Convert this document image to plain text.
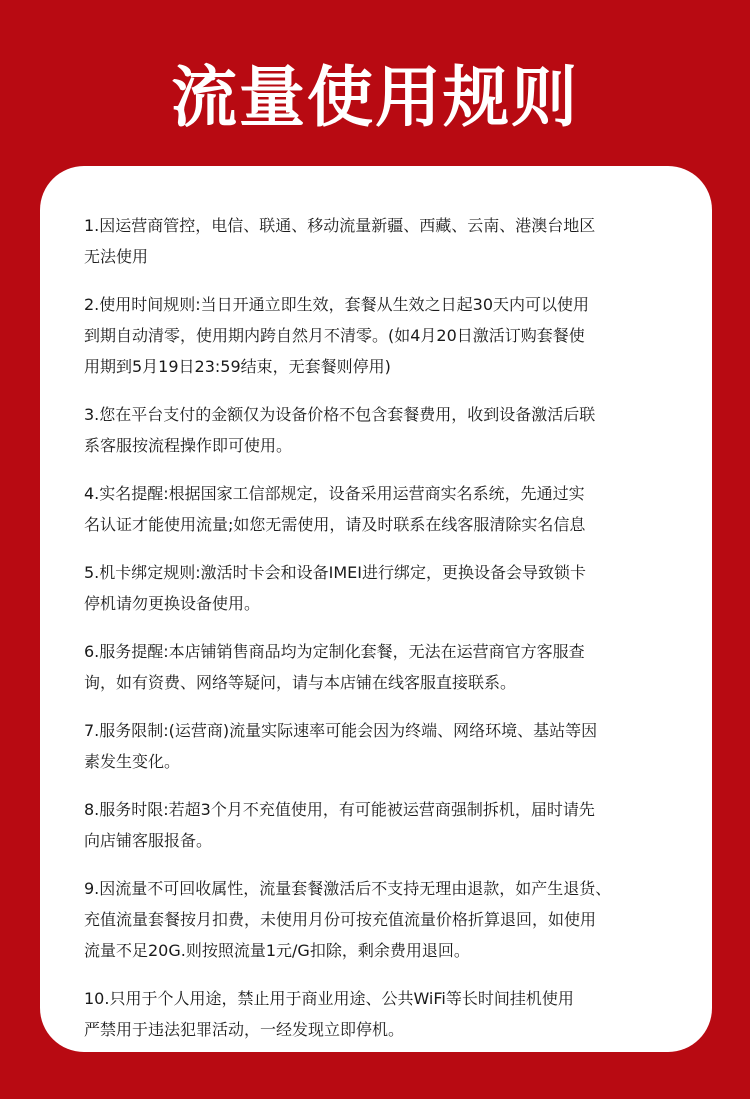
流量使用规则
1.因运营商管控，电信、联通、移动流量新疆、西藏、云南、港澳台地区
无法使用
2.使用时间规则:当日开通立即生效，套餐从生效之日起30天内可以使用
到期自动清零，使用期内跨自然月不清零。(如4月20日激活订购套餐使
用期到5月19日23:59结束，无套餐则停用)
3.您在平台支付的金额仅为设备价格不包含套餐费用，收到设备激活后联
系客服按流程操作即可使用。
4.实名提醒:根据国家工信部规定，设备采用运营商实名系统，先通过实
名认证才能使用流量;如您无需使用，请及时联系在线客服清除实名信息
5.机卡绑定规则:激活时卡会和设备IMEI进行绑定，更换设备会导致锁卡
停机请勿更换设备使用。
6.服务提醒:本店铺销售商品均为定制化套餐，无法在运营商官方客服查
询，如有资费、网络等疑问，请与本店铺在线客服直接联系。
7.服务限制:(运营商)流量实际速率可能会因为终端、网络环境、基站等因
素发生变化。
8.服务时限:若超3个月不充值使用，有可能被运营商强制拆机，届时请先
向店铺客服报备。
9.因流量不可回收属性，流量套餐激活后不支持无理由退款，如产生退货、
充值流量套餐按月扣费，未使用月份可按充值流量价格折算退回，如使用
流量不足20G.则按照流量1元/G扣除，剩余费用退回。
10.只用于个人用途，禁止用于商业用途、公共WiFi等长时间挂机使用
严禁用于违法犯罪活动，一经发现立即停机。
